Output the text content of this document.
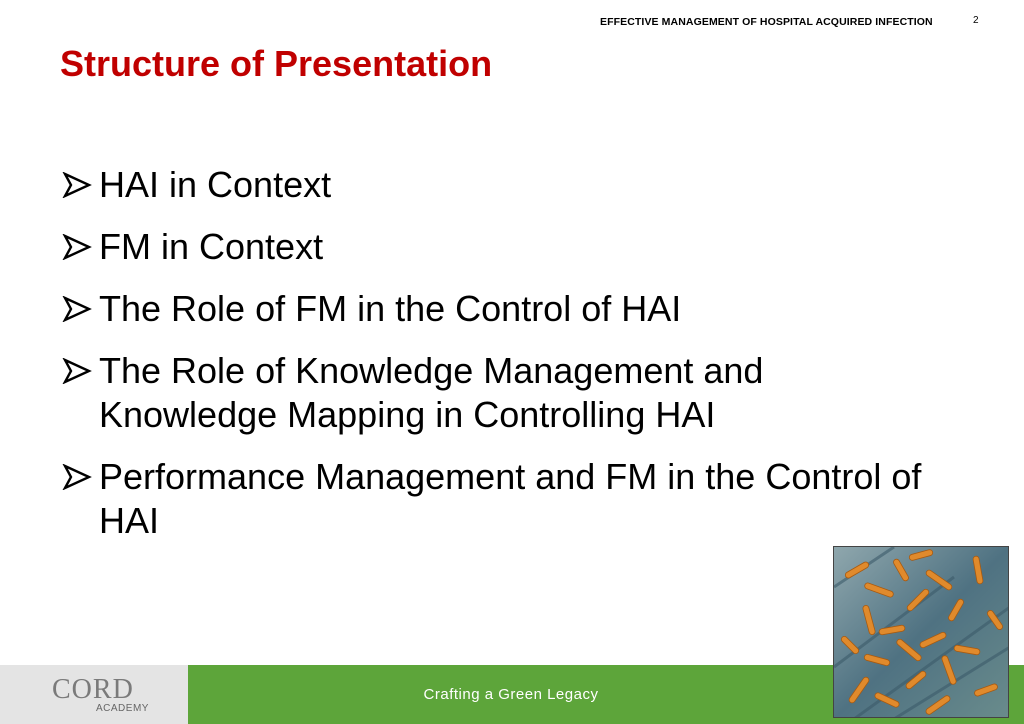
EFFECTIVE MANAGEMENT OF HOSPITAL ACQUIRED INFECTION	2
Structure of Presentation
HAI in Context
FM in Context
The Role of FM in the Control of HAI
The Role of Knowledge Management and Knowledge Mapping in Controlling HAI
Performance Management and FM in the Control of HAI
CORD
ACADEMY
Crafting a Green Legacy
